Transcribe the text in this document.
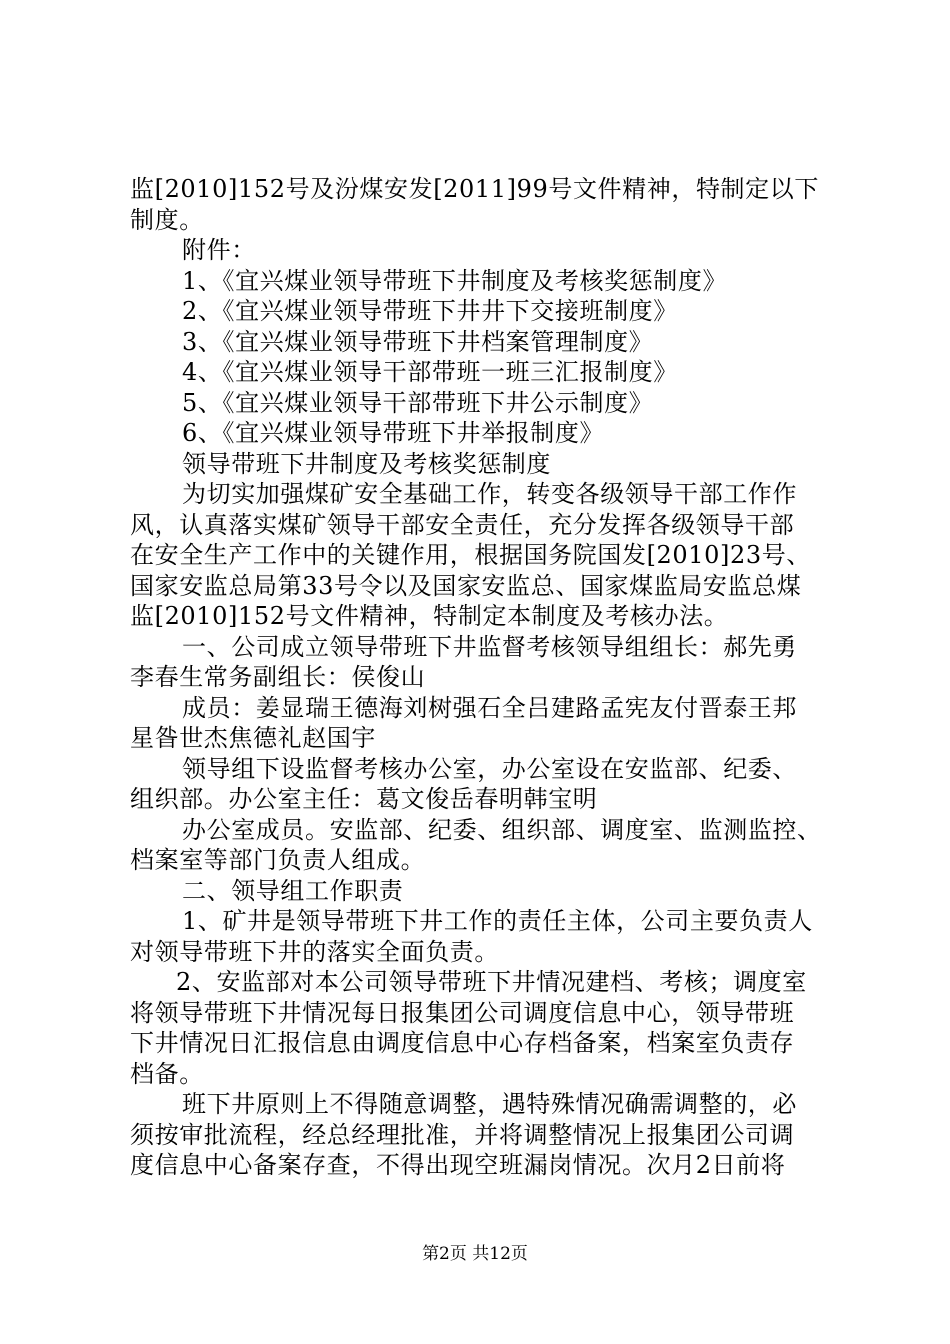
监[2010]152号及汾煤安发[2011]99号文件精神，特制定以下
制度。
附件：
1、《宜兴煤业领导带班下井制度及考核奖惩制度》
2、《宜兴煤业领导带班下井井下交接班制度》
3、《宜兴煤业领导带班下井档案管理制度》
4、《宜兴煤业领导干部带班一班三汇报制度》
5、《宜兴煤业领导干部带班下井公示制度》
6、《宜兴煤业领导带班下井举报制度》
领导带班下井制度及考核奖惩制度
为切实加强煤矿安全基础工作，转变各级领导干部工作作
风，认真落实煤矿领导干部安全责任，充分发挥各级领导干部
在安全生产工作中的关键作用，根据国务院国发[2010]23号、
国家安监总局第33号令以及国家安监总、国家煤监局安监总煤
监[2010]152号文件精神，特制定本制度及考核办法。
一、公司成立领导带班下井监督考核领导组组长：郝先勇
李春生常务副组长：侯俊山
成员：姜显瑞王德海刘树强石全吕建路孟宪友付晋泰王邦
星昝世杰焦德礼赵国宇
领导组下设监督考核办公室，办公室设在安监部、纪委、
组织部。办公室主任：葛文俊岳春明韩宝明
办公室成员。安监部、纪委、组织部、调度室、监测监控、
档案室等部门负责人组成。
二、领导组工作职责
1、矿井是领导带班下井工作的责任主体，公司主要负责人
对领导带班下井的落实全面负责。
2、安监部对本公司领导带班下井情况建档、考核；调度室
将领导带班下井情况每日报集团公司调度信息中心，领导带班
下井情况日汇报信息由调度信息中心存档备案，档案室负责存
档备。
班下井原则上不得随意调整，遇特殊情况确需调整的，必
须按审批流程，经总经理批准，并将调整情况上报集团公司调
度信息中心备案存查，不得出现空班漏岗情况。次月2日前将
第2页 共12页
